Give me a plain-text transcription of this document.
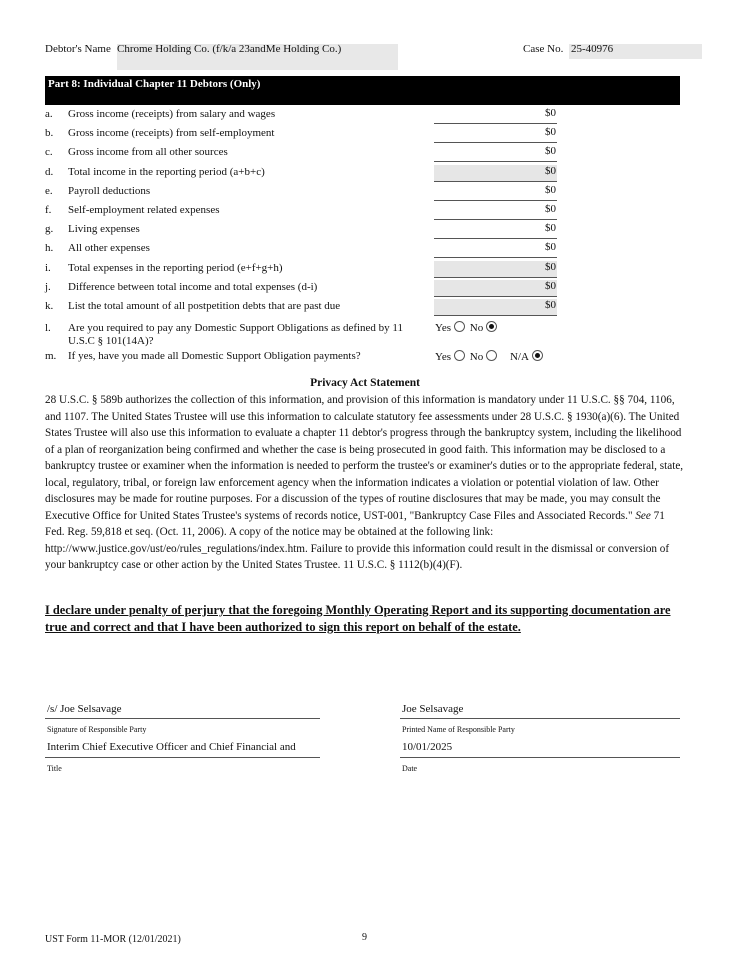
Debtor's Name Chrome Holding Co. (f/k/a 23andMe Holding Co.)	Case No. 25-40976
Part 8: Individual Chapter 11 Debtors (Only)
a. Gross income (receipts) from salary and wages	$0
b. Gross income (receipts) from self-employment	$0
c. Gross income from all other sources	$0
d. Total income in the reporting period (a+b+c)	$0
e. Payroll deductions	$0
f. Self-employment related expenses	$0
g. Living expenses	$0
h. All other expenses	$0
i. Total expenses in the reporting period (e+f+g+h)	$0
j. Difference between total income and total expenses (d-i)	$0
k. List the total amount of all postpetition debts that are past due	$0
l. Are you required to pay any Domestic Support Obligations as defined by 11
U.S.C § 101(14A)?
Yes No
m. If yes, have you made all Domestic Support Obligation payments?	Yes No N/A
Privacy Act Statement
28 U.S.C. § 589b authorizes the collection of this information, and provision of this information is mandatory under 11 U.S.C. §§ 704, 1106, and 1107. The United States Trustee will use this information to calculate statutory fee assessments under 28 U.S.C. § 1930(a)(6). The United States Trustee will also use this information to evaluate a chapter 11 debtor's progress through the bankruptcy system, including the likelihood of a plan of reorganization being confirmed and whether the case is being prosecuted in good faith. This information may be disclosed to a bankruptcy trustee or examiner when the information is needed to perform the trustee's or examiner's duties or to the appropriate federal, state, local, regulatory, tribal, or foreign law enforcement agency when the information indicates a violation or potential violation of law. Other disclosures may be made for routine purposes. For a discussion of the types of routine disclosures that may be made, you may consult the Executive Office for United States Trustee's systems of records notice, UST-001, "Bankruptcy Case Files and Associated Records." See 71 Fed. Reg. 59,818 et seq. (Oct. 11, 2006). A copy of the notice may be obtained at the following link: http://www.justice.gov/ust/eo/rules_regulations/index.htm. Failure to provide this information could result in the dismissal or conversion of your bankruptcy case or other action by the United States Trustee. 11 U.S.C. § 1112(b)(4)(F).
I declare under penalty of perjury that the foregoing Monthly Operating Report and its supporting documentation are true and correct and that I have been authorized to sign this report on behalf of the estate.
/s/ Joe Selsavage
Signature of Responsible Party
Joe Selsavage
Printed Name of Responsible Party
Interim Chief Executive Officer and Chief Financial and
Title
10/01/2025
Date
UST Form 11-MOR (12/01/2021)	9
